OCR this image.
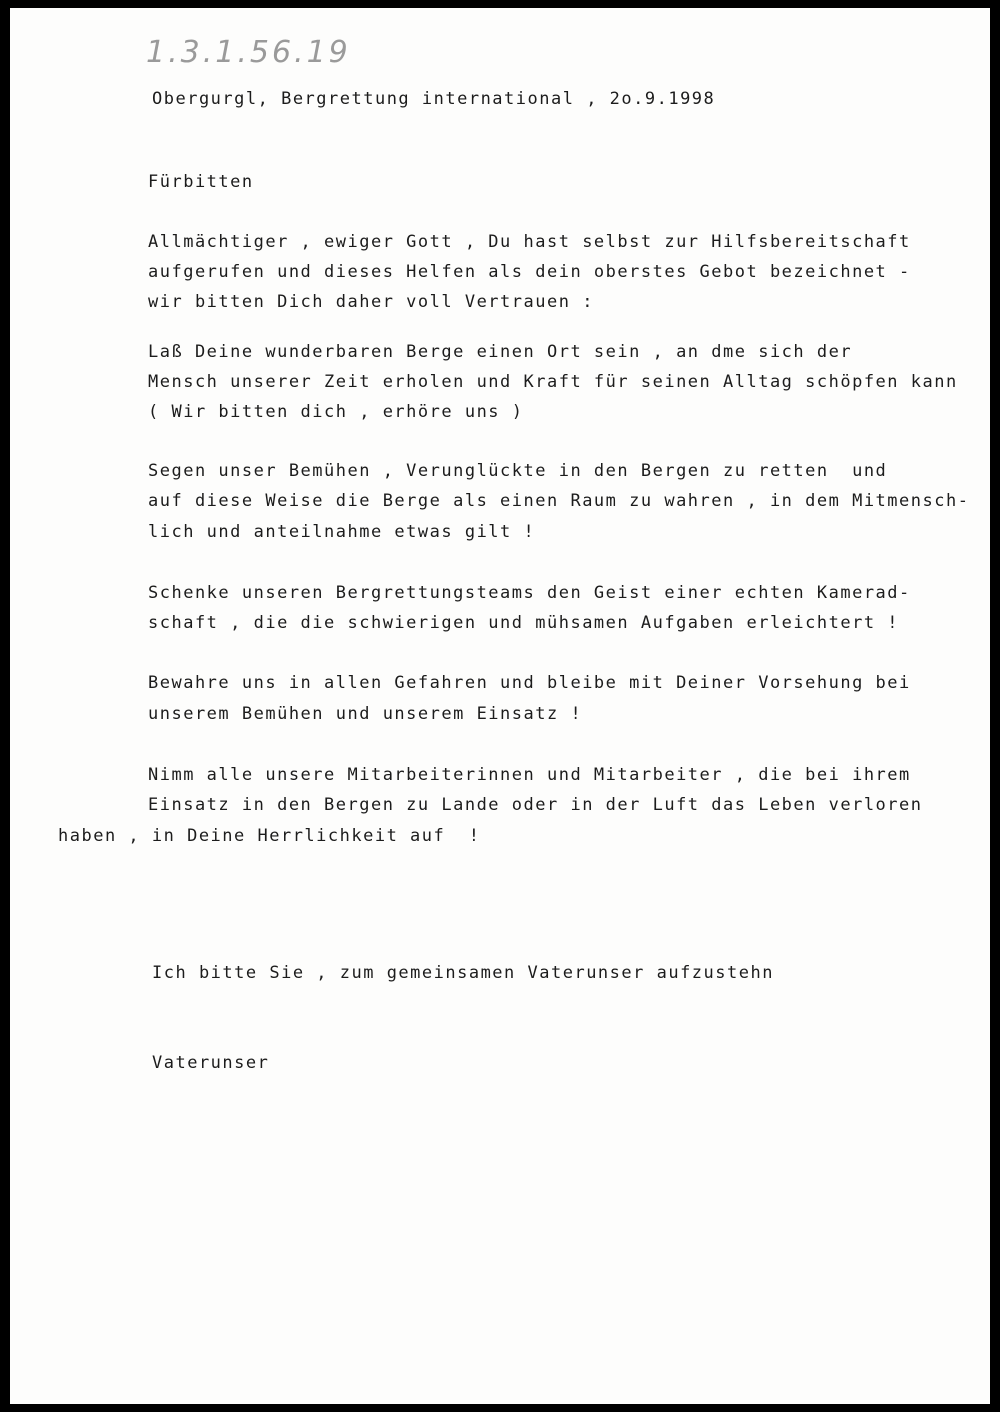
1.3.1.56.19
Obergurgl, Bergrettung international , 2o.9.1998
Fürbitten
Allmächtiger , ewiger Gott , Du hast selbst zur Hilfsbereitschaft
aufgerufen und dieses Helfen als dein oberstes Gebot bezeichnet -
wir bitten Dich daher voll Vertrauen :
Laß Deine wunderbaren Berge einen Ort sein , an dme sich der
Mensch unserer Zeit erholen und Kraft für seinen Alltag schöpfen kann
( Wir bitten dich , erhöre uns )
Segen unser Bemühen , Verunglückte in den Bergen zu retten  und
auf diese Weise die Berge als einen Raum zu wahren , in dem Mitmensch-
lich und anteilnahme etwas gilt !
Schenke unseren Bergrettungsteams den Geist einer echten Kamerad-
schaft , die die schwierigen und mühsamen Aufgaben erleichtert !
Bewahre uns in allen Gefahren und bleibe mit Deiner Vorsehung bei
unserem Bemühen und unserem Einsatz !
Nimm alle unsere Mitarbeiterinnen und Mitarbeiter , die bei ihrem
Einsatz in den Bergen zu Lande oder in der Luft das Leben verloren
haben , in Deine Herrlichkeit auf  !
Ich bitte Sie , zum gemeinsamen Vaterunser aufzustehn
Vaterunser
